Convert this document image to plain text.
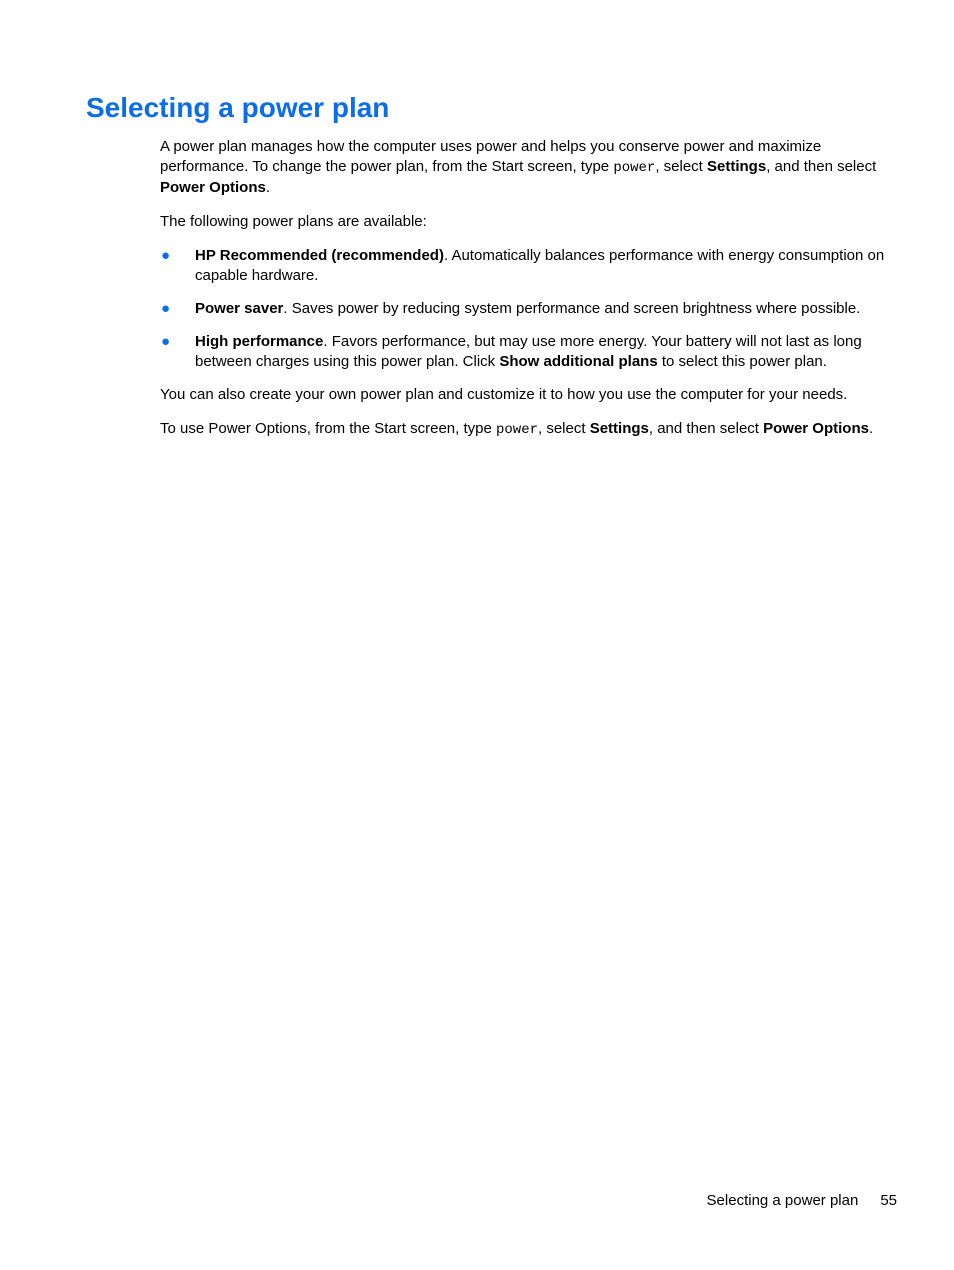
Selecting a power plan

A power plan manages how the computer uses power and helps you conserve power and maximize performance. To change the power plan, from the Start screen, type power, select Settings, and then select Power Options.

The following power plans are available:

● HP Recommended (recommended). Automatically balances performance with energy consumption on capable hardware.
● Power saver. Saves power by reducing system performance and screen brightness where possible.
● High performance. Favors performance, but may use more energy. Your battery will not last as long between charges using this power plan. Click Show additional plans to select this power plan.

You can also create your own power plan and customize it to how you use the computer for your needs.

To use Power Options, from the Start screen, type power, select Settings, and then select Power Options.

Selecting a power plan 55
